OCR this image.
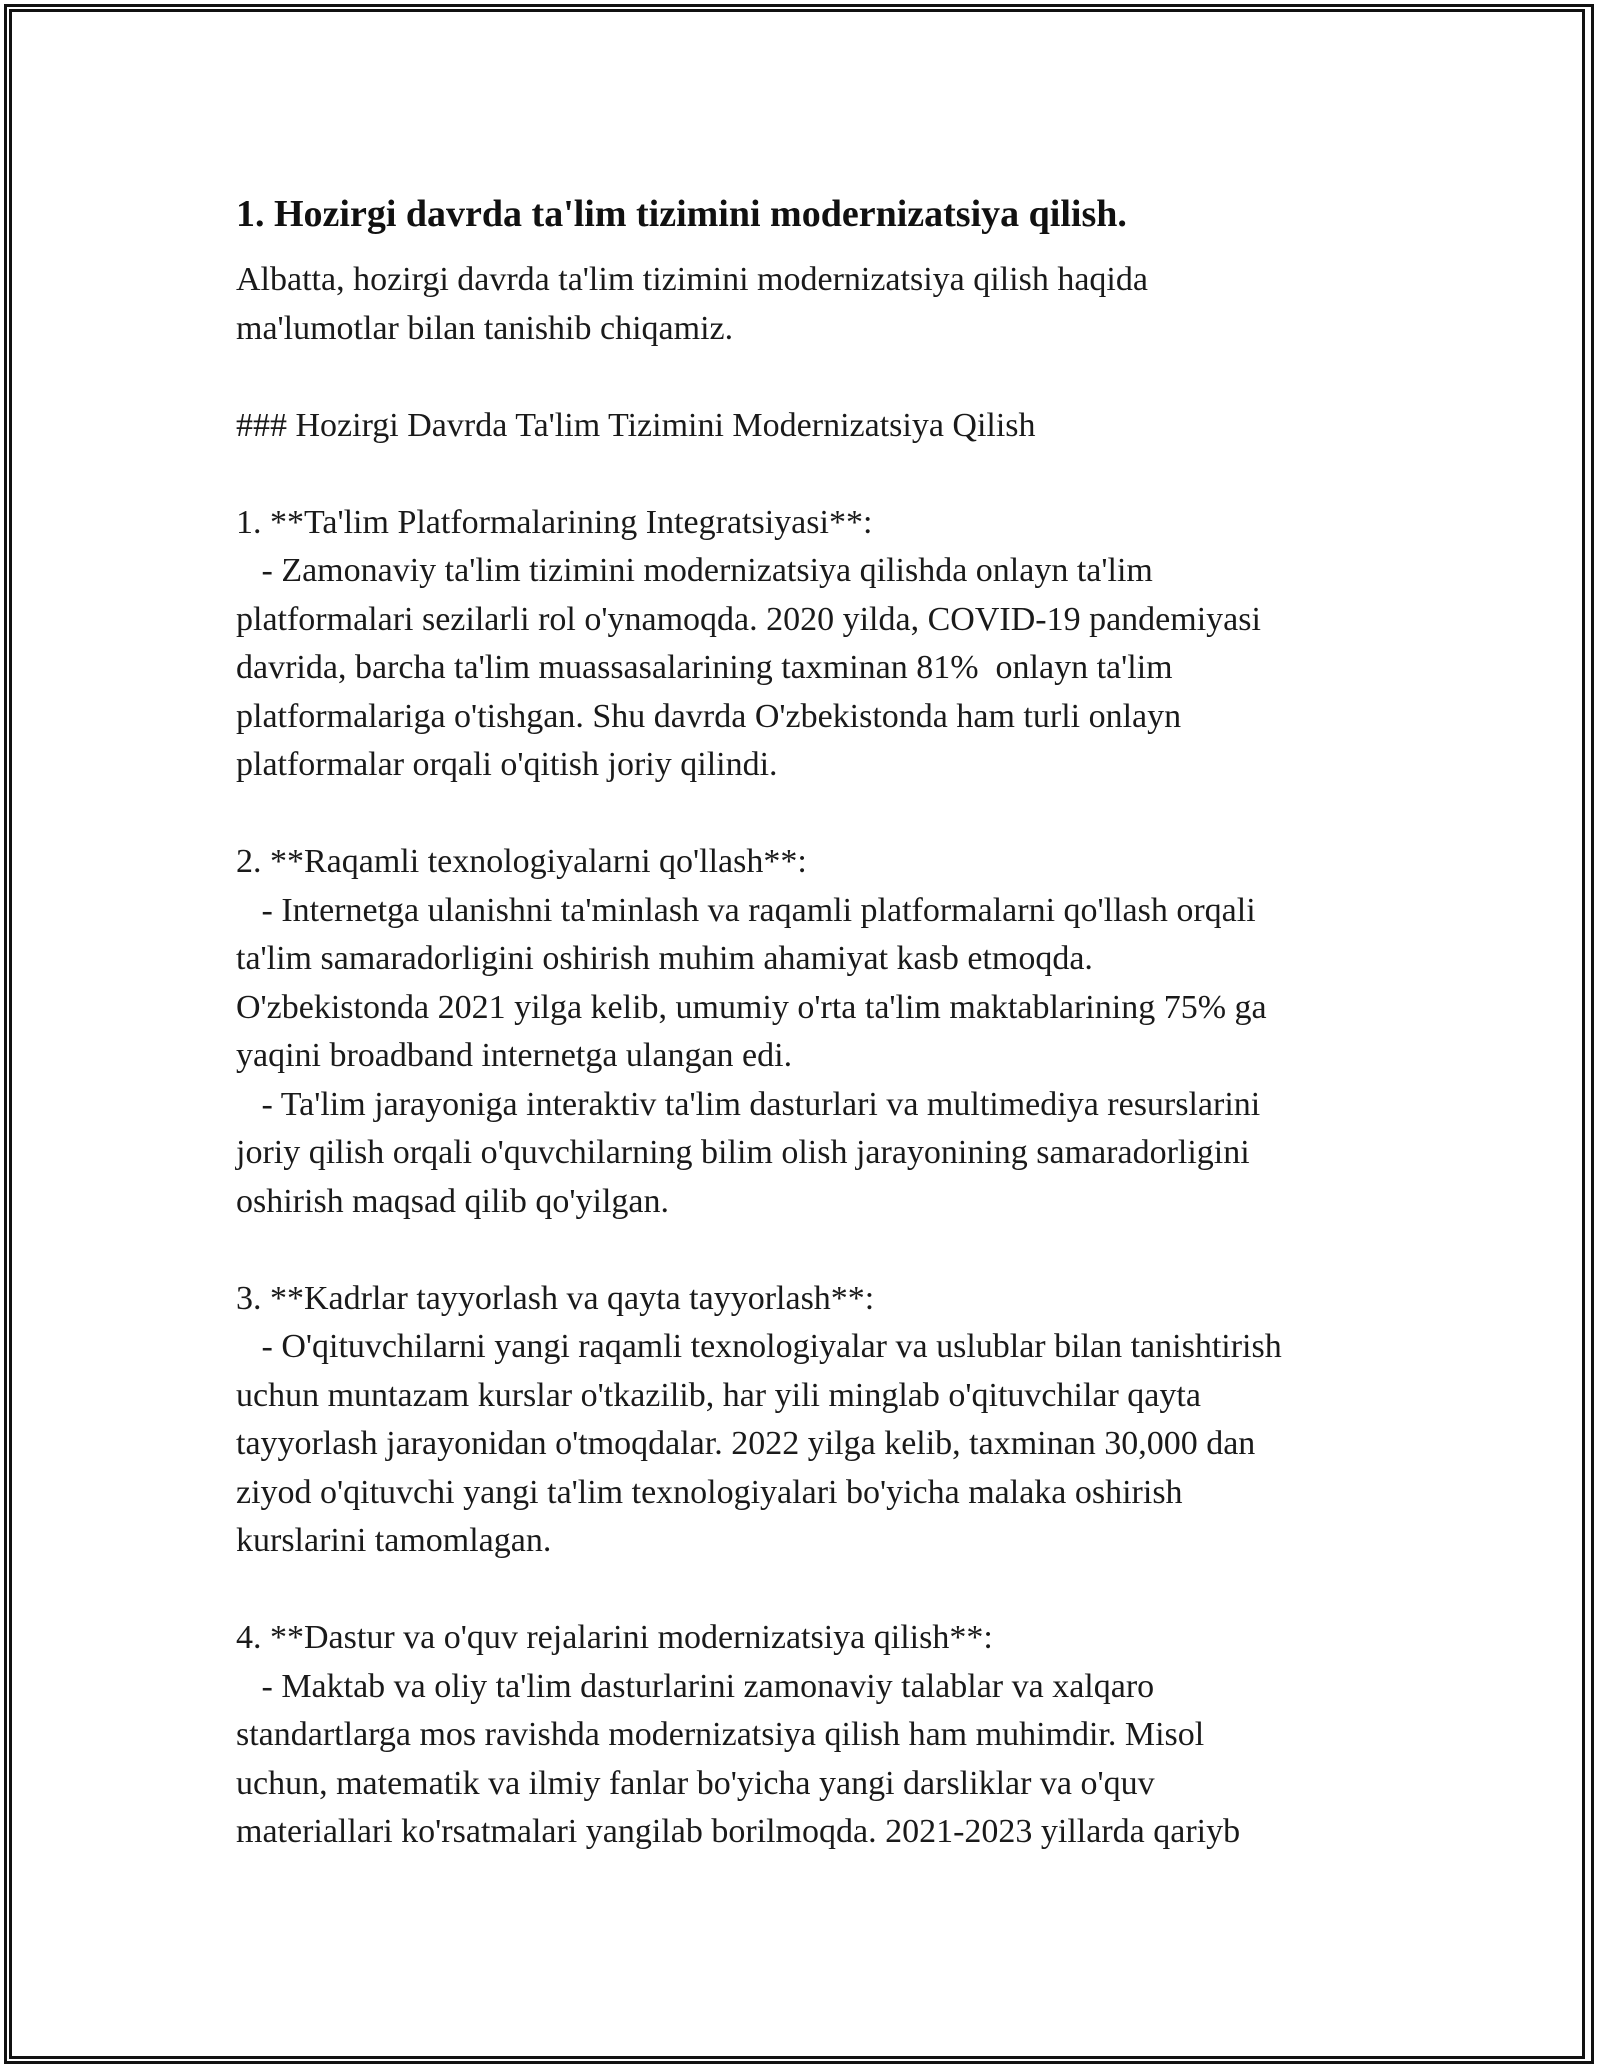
1. Hozirgi davrda ta'lim tizimini modernizatsiya qilish.

Albatta, hozirgi davrda ta'lim tizimini modernizatsiya qilish haqida

ma'lumotlar bilan tanishib chiqamiz.

### Hozirgi Davrda Ta'lim Tizimini Modernizatsiya Qilish

1. **Ta'lim Platformalarining Integratsiyasi**:

- Zamonaviy ta'lim tizimini modernizatsiya qilishda onlayn ta'lim

platformalari sezilarli rol o'ynamoqda. 2020 yilda, COVID-19 pandemiyasi

davrida, barcha ta'lim muassasalarining taxminan 81%  onlayn ta'lim

platformalariga o'tishgan. Shu davrda O'zbekistonda ham turli onlayn

platformalar orqali o'qitish joriy qilindi.

2. **Raqamli texnologiyalarni qo'llash**:

- Internetga ulanishni ta'minlash va raqamli platformalarni qo'llash orqali

ta'lim samaradorligini oshirish muhim ahamiyat kasb etmoqda.

O'zbekistonda 2021 yilga kelib, umumiy o'rta ta'lim maktablarining 75% ga

yaqini broadband internetga ulangan edi.

- Ta'lim jarayoniga interaktiv ta'lim dasturlari va multimediya resurslarini

joriy qilish orqali o'quvchilarning bilim olish jarayonining samaradorligini

oshirish maqsad qilib qo'yilgan.

3. **Kadrlar tayyorlash va qayta tayyorlash**:

- O'qituvchilarni yangi raqamli texnologiyalar va uslublar bilan tanishtirish

uchun muntazam kurslar o'tkazilib, har yili minglab o'qituvchilar qayta

tayyorlash jarayonidan o'tmoqdalar. 2022 yilga kelib, taxminan 30,000 dan

ziyod o'qituvchi yangi ta'lim texnologiyalari bo'yicha malaka oshirish

kurslarini tamomlagan.

4. **Dastur va o'quv rejalarini modernizatsiya qilish**:

- Maktab va oliy ta'lim dasturlarini zamonaviy talablar va xalqaro

standartlarga mos ravishda modernizatsiya qilish ham muhimdir. Misol

uchun, matematik va ilmiy fanlar bo'yicha yangi darsliklar va o'quv

materiallari ko'rsatmalari yangilab borilmoqda. 2021-2023 yillarda qariyb
